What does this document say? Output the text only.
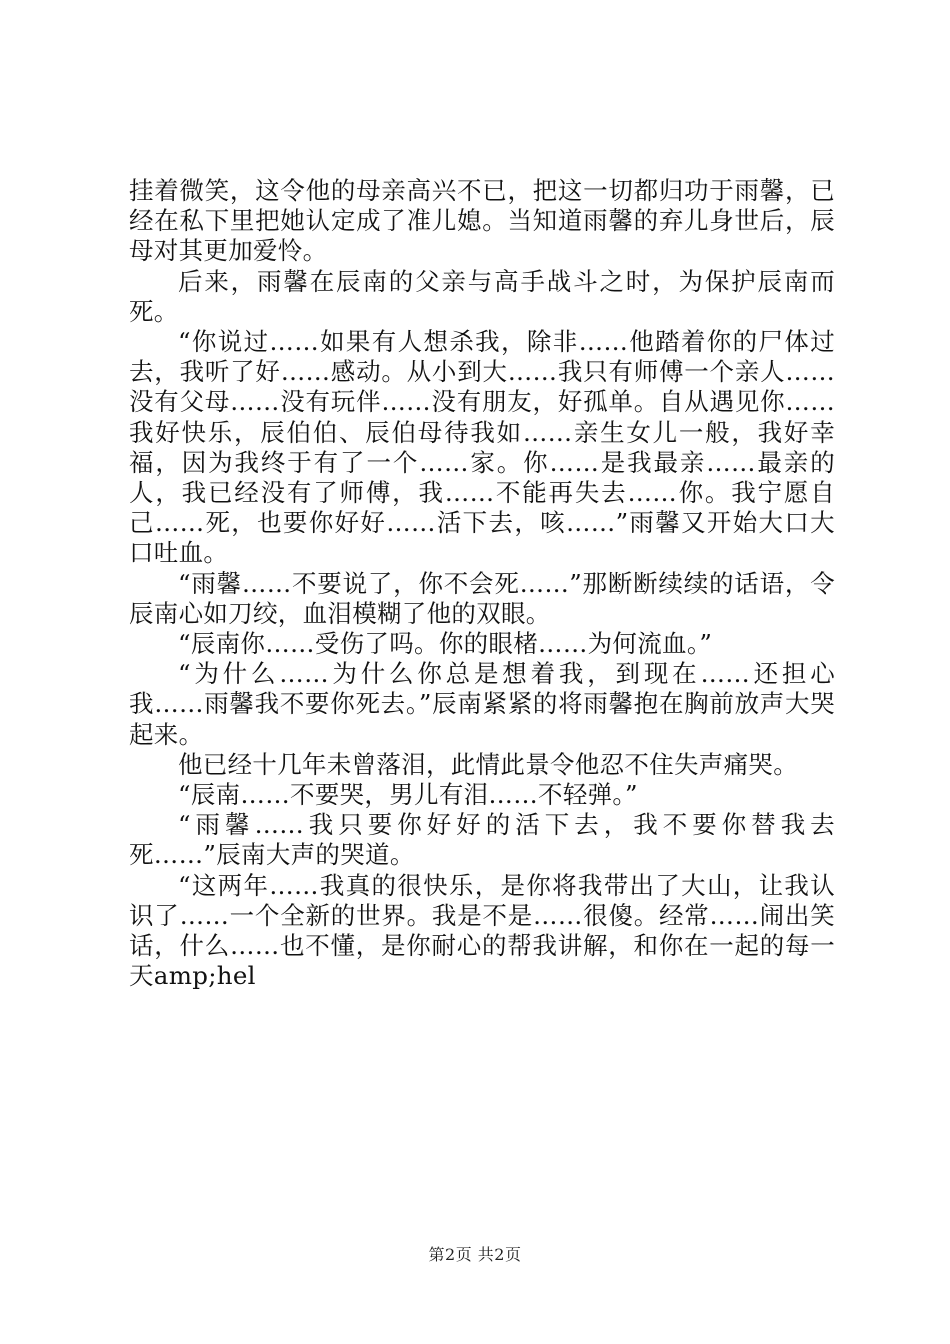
挂着微笑，这令他的母亲高兴不已，把这一切都归功于雨馨，已经在私下里把她认定成了准儿媳。当知道雨馨的弃儿身世后，辰母对其更加爱怜。

后来，雨馨在辰南的父亲与高手战斗之时，为保护辰南而死。

“你说过……如果有人想杀我，除非……他踏着你的尸体过去，我听了好……感动。从小到大……我只有师傅一个亲人……没有父母……没有玩伴……没有朋友，好孤单。自从遇见你……我好快乐，辰伯伯、辰伯母待我如……亲生女儿一般，我好幸福，因为我终于有了一个……家。你……是我最亲……最亲的人，我已经没有了师傅，我……不能再失去……你。我宁愿自己……死，也要你好好……活下去，咳……”雨馨又开始大口大口吐血。

“雨馨……不要说了，你不会死……”那断断续续的话语，令辰南心如刀绞，血泪模糊了他的双眼。

“辰南你……受伤了吗。你的眼楮……为何流血。”

“为什么……为什么你总是想着我，到现在……还担心我……雨馨我不要你死去。”辰南紧紧的将雨馨抱在胸前放声大哭起来。

他已经十几年未曾落泪，此情此景令他忍不住失声痛哭。

“辰南……不要哭，男儿有泪……不轻弹。”

“雨馨……我只要你好好的活下去，我不要你替我去死……”辰南大声的哭道。

“这两年……我真的很快乐，是你将我带出了大山，让我认识了……一个全新的世界。我是不是……很傻。经常……闹出笑话，什么……也不懂，是你耐心的帮我讲解，和你在一起的每一天amp;hel

第2页 共2页
